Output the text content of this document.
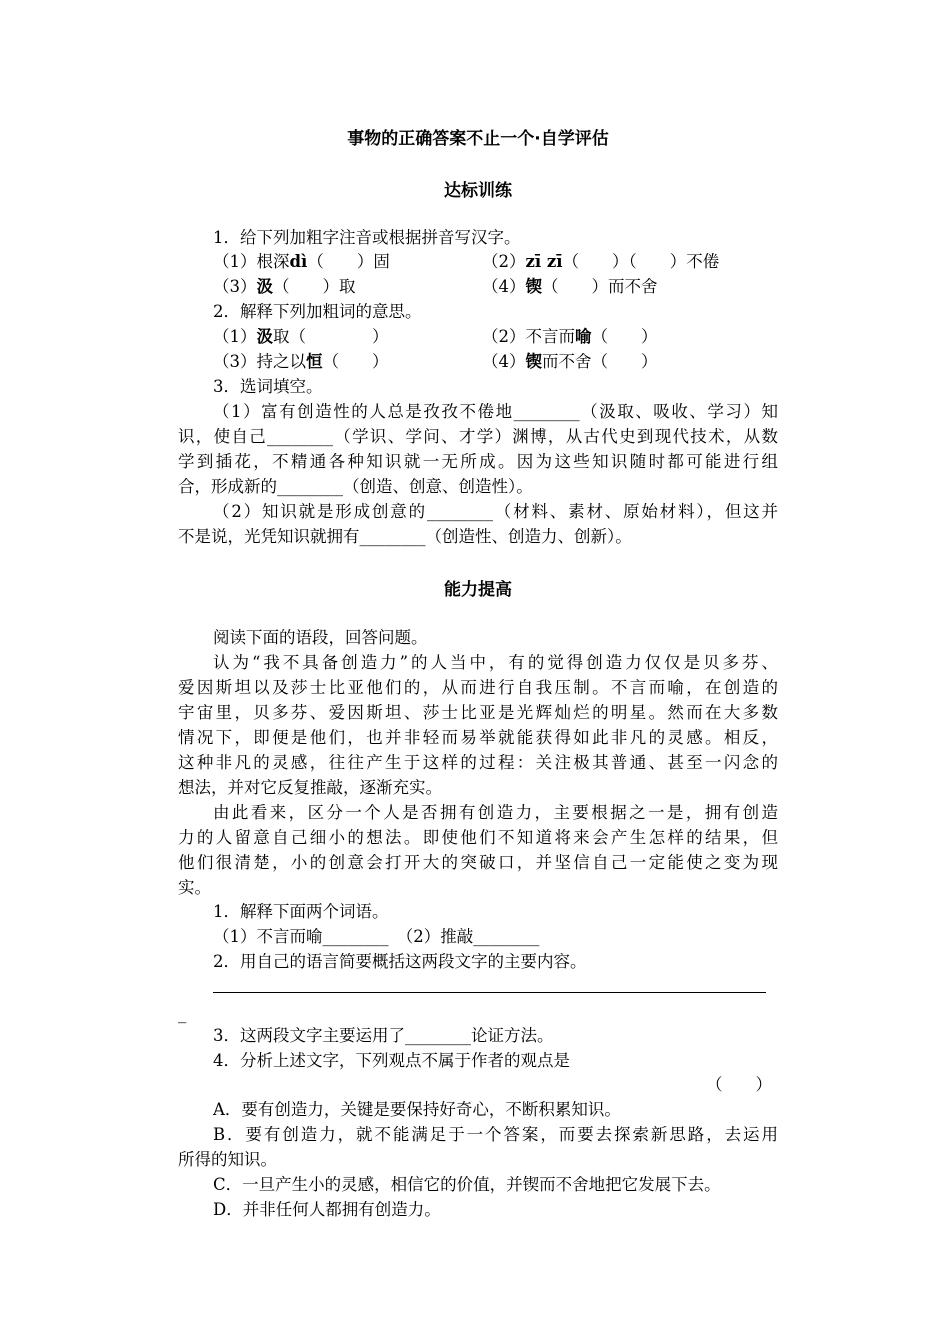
事物的正确答案不止一个·自学评估
达标训练
1．给下列加粗字注音或根据拼音写汉字。
（1）根深dì（　　）固	（2）zī zī（　　）（　　）不倦
（3）汲（　　）取	（4）锲（　　）而不舍
2．解释下列加粗词的意思。
（1）汲取（　　　　）	（2）不言而喻（　　）
（3）持之以恒（　　）	（4）锲而不舍（　　）
3．选词填空。
（1）富有创造性的人总是孜孜不倦地________（汲取、吸收、学习）知
识，使自己________（学识、学问、才学）渊博，从古代史到现代技术，从数
学到插花，不精通各种知识就一无所成。因为这些知识随时都可能进行组
合，形成新的________（创造、创意、创造性）。
（2）知识就是形成创意的________（材料、素材、原始材料），但这并
不是说，光凭知识就拥有________（创造性、创造力、创新）。
能力提高
阅读下面的语段，回答问题。
认为“我不具备创造力”的人当中，有的觉得创造力仅仅是贝多芬、
爱因斯坦以及莎士比亚他们的，从而进行自我压制。不言而喻，在创造的
宇宙里，贝多芬、爱因斯坦、莎士比亚是光辉灿烂的明星。然而在大多数
情况下，即便是他们，也并非轻而易举就能获得如此非凡的灵感。相反，
这种非凡的灵感，往往产生于这样的过程：关注极其普通、甚至一闪念的
想法，并对它反复推敲，逐渐充实。
由此看来，区分一个人是否拥有创造力，主要根据之一是，拥有创造
力的人留意自己细小的想法。即使他们不知道将来会产生怎样的结果，但
他们很清楚，小的创意会打开大的突破口，并坚信自己一定能使之变为现
实。
1．解释下面两个词语。
（1）不言而喻________　（2）推敲________
2．用自己的语言简要概括这两段文字的主要内容。
_
3．这两段文字主要运用了________论证方法。
4．分析上述文字，下列观点不属于作者的观点是
（　　）
A．要有创造力，关键是要保持好奇心，不断积累知识。
B．要有创造力，就不能满足于一个答案，而要去探索新思路，去运用
所得的知识。
C．一旦产生小的灵感，相信它的价值，并锲而不舍地把它发展下去。
D．并非任何人都拥有创造力。
